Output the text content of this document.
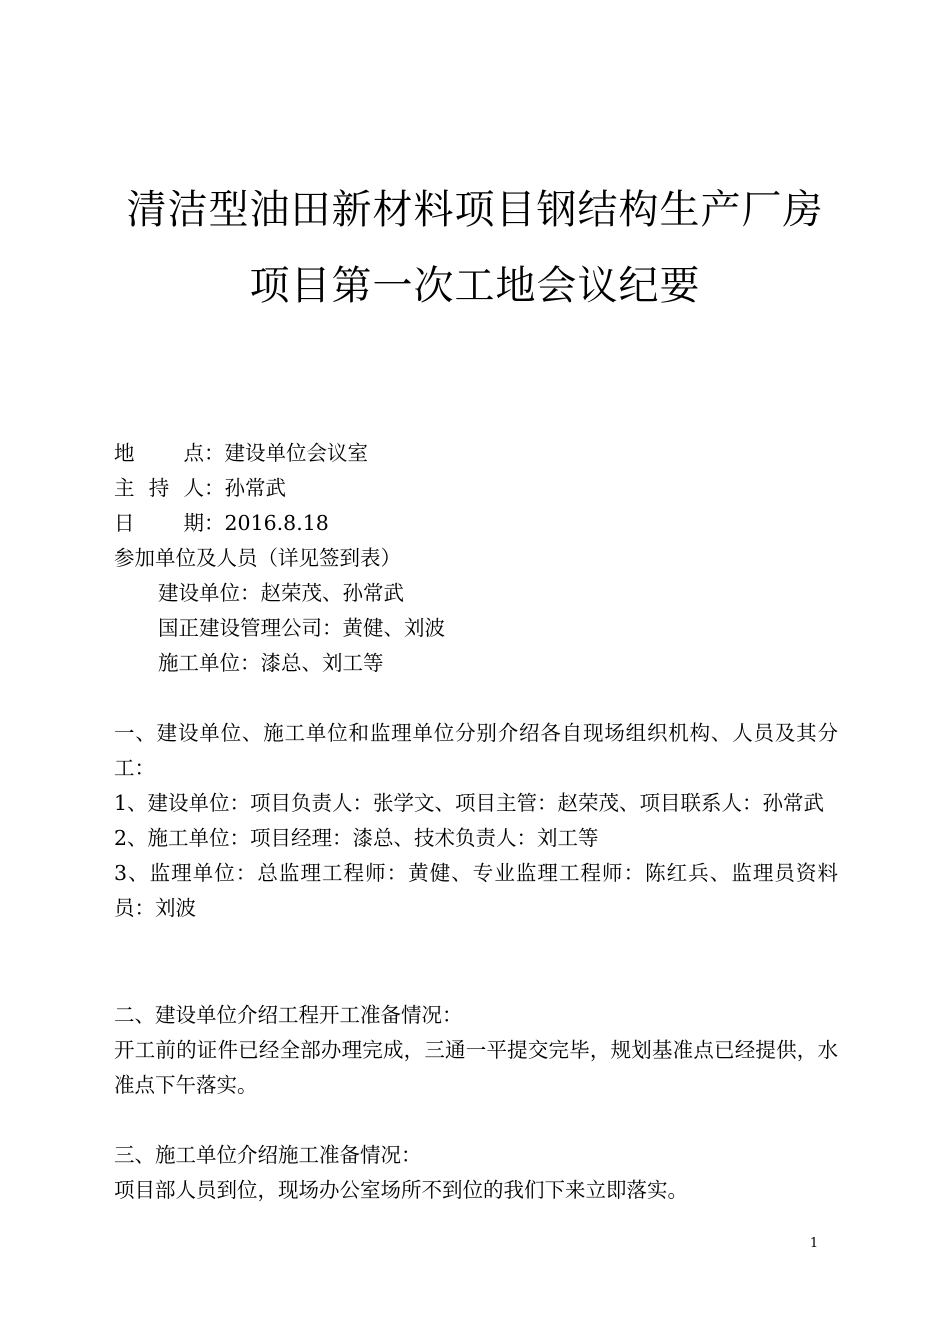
清洁型油田新材料项目钢结构生产厂房
项目第一次工地会议纪要
地点：建设单位会议室
主持人：孙常武
日期：2016.8.18
参加单位及人员（详见签到表）
建设单位：赵荣茂、孙常武
国正建设管理公司：黄健、刘波
施工单位：漆总、刘工等
一、建设单位、施工单位和监理单位分别介绍各自现场组织机构、人员及其分工：
1、建设单位：项目负责人：张学文、项目主管：赵荣茂、项目联系人：孙常武
2、施工单位：项目经理：漆总、技术负责人：刘工等
3、监理单位：总监理工程师：黄健、专业监理工程师：陈红兵、监理员资料员：刘波
二、建设单位介绍工程开工准备情况：
开工前的证件已经全部办理完成，三通一平提交完毕，规划基准点已经提供，水准点下午落实。
三、施工单位介绍施工准备情况：
项目部人员到位，现场办公室场所不到位的我们下来立即落实。
1
